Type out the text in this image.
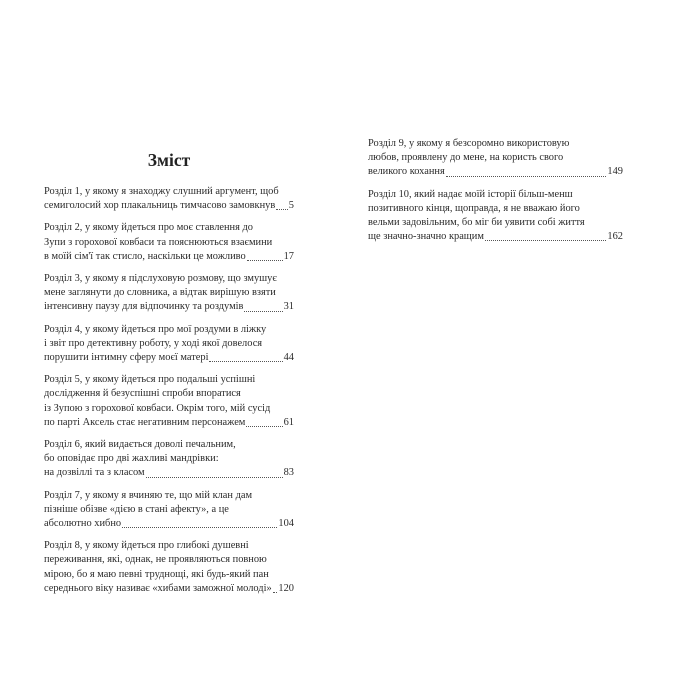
Зміст
Розділ 1, у якому я знаходжу слушний аргумент, щоб
семиголосий хор плакальниць тимчасово замовкнув 5
Розділ 2, у якому йдеться про моє ставлення до
Зупи з горохової ковбаси та пояснюються взаємини
в моїй сім'ї так стисло, наскільки це можливо	17
Розділ 3, у якому я підслуховую розмову, що змушує
мене заглянути до словника, а відтак вирішую взяти
інтенсивну паузу для відпочинку та роздумів	31
Розділ 4, у якому йдеться про мої роздуми в ліжку
і звіт про детективну роботу, у ході якої довелося
порушити інтимну сферу моєї матері	44
Розділ 5, у якому йдеться про подальші успішні
дослідження й безуспішні спроби впоратися
із Зупою з горохової ковбаси. Окрім того, мій сусід
по парті Аксель стає негативним персонажем	61
Розділ 6, який видається доволі печальним,
бо оповідає про дві жахливі мандрівки:
на дозвіллі та з класом	83
Розділ 7, у якому я вчиняю те, що мій клан дам
пізніше обізве «дією в стані афекту», а це
абсолютно хибно	104
Розділ 8, у якому йдеться про глибокі душевні
переживання, які, однак, не проявляються повною
мірою, бо я маю певні труднощі, які будь-який пан
середнього віку називає «хибами заможної молоді» 120
Розділ 9, у якому я безсоромно використовую
любов, проявлену до мене, на користь свого
великого кохання	149
Розділ 10, який надає моїй історії більш-менш
позитивного кінця, щоправда, я не вважаю його
вельми задовільним, бо міг би уявити собі життя
ще значно-значно кращим	162
